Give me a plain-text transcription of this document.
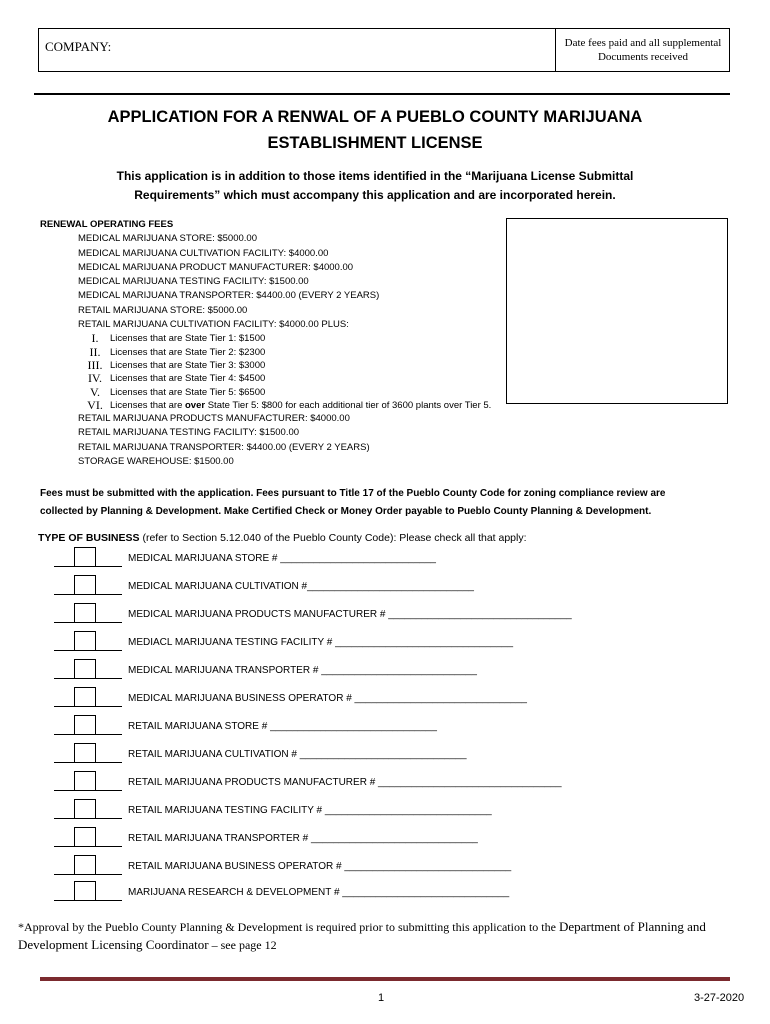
COMPANY:	Date fees paid and all supplemental
Documents received
APPLICATION FOR A RENWAL OF A PUEBLO COUNTY MARIJUANA
ESTABLISHMENT LICENSE
This application is in addition to those items identified in the “Marijuana License Submittal
Requirements” which must accompany this application and are incorporated herein.
RENEWAL OPERATING FEES
MEDICAL MARIJUANA STORE: $5000.00
MEDICAL MARIJUANA CULTIVATION FACILITY: $4000.00
MEDICAL MARIJUANA PRODUCT MANUFACTURER: $4000.00
MEDICAL MARIJUANA TESTING FACILITY: $1500.00
MEDICAL MARIJUANA TRANSPORTER: $4400.00 (EVERY 2 YEARS)
RETAIL MARIJUANA STORE: $5000.00
RETAIL MARIJUANA CULTIVATION FACILITY: $4000.00 PLUS:
I.	Licenses that are State Tier 1: $1500
II.	Licenses that are State Tier 2: $2300
III. Licenses that are State Tier 3: $3000
IV. Licenses that are State Tier 4: $4500
V.	Licenses that are State Tier 5: $6500
VI. Licenses that are over State Tier 5: $800 for each additional tier of 3600 plants over Tier 5.
RETAIL MARIJUANA PRODUCTS MANUFACTURER: $4000.00
RETAIL MARIJUANA TESTING FACILITY: $1500.00
RETAIL MARIJUANA TRANSPORTER: $4400.00 (EVERY 2 YEARS)
STORAGE WAREHOUSE: $1500.00
Fees must be submitted with the application. Fees pursuant to Title 17 of the Pueblo County Code for zoning compliance review are
collected by Planning & Development. Make Certified Check or Money Order payable to Pueblo County Planning & Development.
TYPE OF BUSINESS (refer to Section 5.12.040 of the Pueblo County Code): Please check all that apply:
MEDICAL MARIJUANA STORE # ____________________________
MEDICAL MARIJUANA CULTIVATION #______________________________
MEDICAL MARIJUANA PRODUCTS MANUFACTURER # _________________________________
MEDIACL MARIJUANA TESTING FACILITY # ________________________________
MEDICAL MARIJUANA TRANSPORTER # ____________________________
MEDICAL MARIJUANA BUSINESS OPERATOR # _______________________________
RETAIL MARIJUANA STORE # ______________________________
RETAIL MARIJUANA CULTIVATION # ______________________________
RETAIL MARIJUANA PRODUCTS MANUFACTURER # _________________________________
RETAIL MARIJUANA TESTING FACILITY # ______________________________
RETAIL MARIJUANA TRANSPORTER # ______________________________
RETAIL MARIJUANA BUSINESS OPERATOR # ______________________________
MARIJUANA RESEARCH & DEVELOPMENT # ______________________________
*Approval by the Pueblo County Planning & Development is required prior to submitting this application to the Department of Planning and
Development Licensing Coordinator – see page 12
1	3-27-2020
